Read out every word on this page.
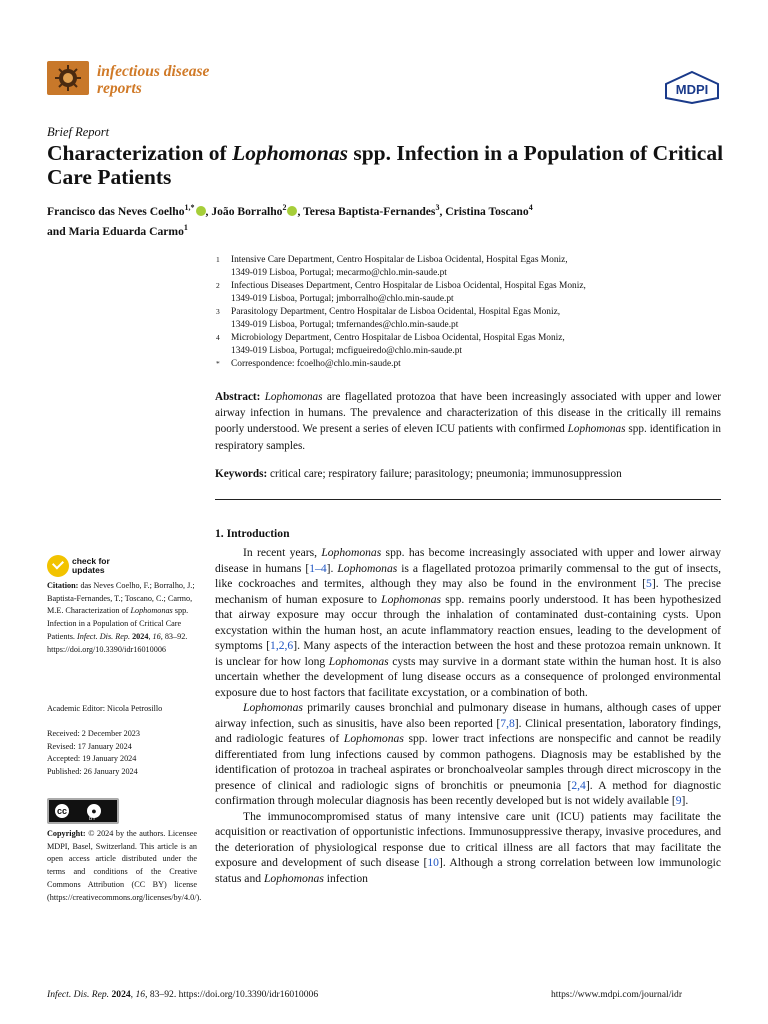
infectious disease
reports	MDPI
Brief Report
Characterization of Lophomonas spp. Infection in a Population of Critical Care Patients
Francisco das Neves Coelho$^{1,*}$ , João Borralho$^2$ , Teresa Baptista-Fernandes$^3$, Cristina Toscano$^4$
and Maria Eduarda Carmo$^1$
1	Intensive Care Department, Centro Hospitalar de Lisboa Ocidental, Hospital Egas Moniz,
1349-019 Lisboa, Portugal; mecarmo@chlo.min-saude.pt
2	Infectious Diseases Department, Centro Hospitalar de Lisboa Ocidental, Hospital Egas Moniz,
1349-019 Lisboa, Portugal; jmborralho@chlo.min-saude.pt
3	Parasitology Department, Centro Hospitalar de Lisboa Ocidental, Hospital Egas Moniz,
1349-019 Lisboa, Portugal; tmfernandes@chlo.min-saude.pt
4	Microbiology Department, Centro Hospitalar de Lisboa Ocidental, Hospital Egas Moniz,
1349-019 Lisboa, Portugal; mcfigueiredo@chlo.min-saude.pt
*	Correspondence: fcoelho@chlo.min-saude.pt
Abstract: Lophomonas are flagellated protozoa that have been increasingly associated with upper and lower airway infection in humans. The prevalence and characterization of this disease in the critically ill remains poorly understood. We present a series of eleven ICU patients with confirmed Lophomonas spp. identification in respiratory samples.
Keywords: critical care; respiratory failure; parasitology; pneumonia; immunosuppression
1. Introduction

In recent years, Lophomonas spp. has become increasingly associated with upper and lower airway disease in humans [1–4]. Lophomonas is a flagellated protozoa primarily commensal to the gut of insects, like cockroaches and termites, although they may also be found in the environment [5]. The precise mechanism of human exposure to Lophomonas spp. remains poorly understood. It has been hypothesized that airway exposure may occur through the inhalation of contaminated dust-containing cysts. Upon excystation within the human host, an acute inflammatory reaction ensues, leading to the development of symptoms [1,2,6]. Many aspects of the interaction between the host and these protozoa remain unknown. It is unclear for how long Lophomonas cysts may survive in a dormant state within the human host. It is also uncertain whether the development of lung disease occurs as a consequence of prolonged environmental exposure due to host factors that facilitate excystation, or a combination of both.

Lophomonas primarily causes bronchial and pulmonary disease in humans, although cases of upper airway infection, such as sinusitis, have also been reported [7,8]. Clinical presentation, laboratory findings, and radiologic features of Lophomonas spp. lower tract infections are nonspecific and cannot be readily differentiated from lung infections caused by common pathogens. Diagnosis may be established by the identification of protozoa in tracheal aspirates or bronchoalveolar samples through direct microscopy in the presence of clinical and radiologic signs of bronchitis or pneumonia [2,4]. A method for diagnostic confirmation through molecular diagnosis has been recently developed but is not widely available [9].

The immunocompromised status of many intensive care unit (ICU) patients may facilitate the acquisition or reactivation of opportunistic infections. Immunosuppressive therapy, invasive procedures, and the deterioration of physiological response due to critical illness are all factors that may facilitate the exposure and development of such disease [10]. Although a strong correlation between low immunologic status and Lophomonas infection

check for
updates
Citation: das Neves Coelho, F.; Borralho, J.; Baptista-Fernandes, T.; Toscano, C.; Carmo, M.E. Characterization of Lophomonas spp. Infection in a Population of Critical Care Patients. Infect. Dis. Rep. 2024, 16, 83–92. https://doi.org/10.3390/idr16010006
Academic Editor: Nicola Petrosillo
Received: 2 December 2023
Revised: 17 January 2024
Accepted: 19 January 2024
Published: 26 January 2024
cc	●
BY
Copyright: © 2024 by the authors. Licensee MDPI, Basel, Switzerland. This article is an open access article distributed under the terms and conditions of the Creative Commons Attribution (CC BY) license (https://creativecommons.org/licenses/by/4.0/).
Infect. Dis. Rep. 2024, 16, 83–92. https://doi.org/10.3390/idr16010006	https://www.mdpi.com/journal/idr
